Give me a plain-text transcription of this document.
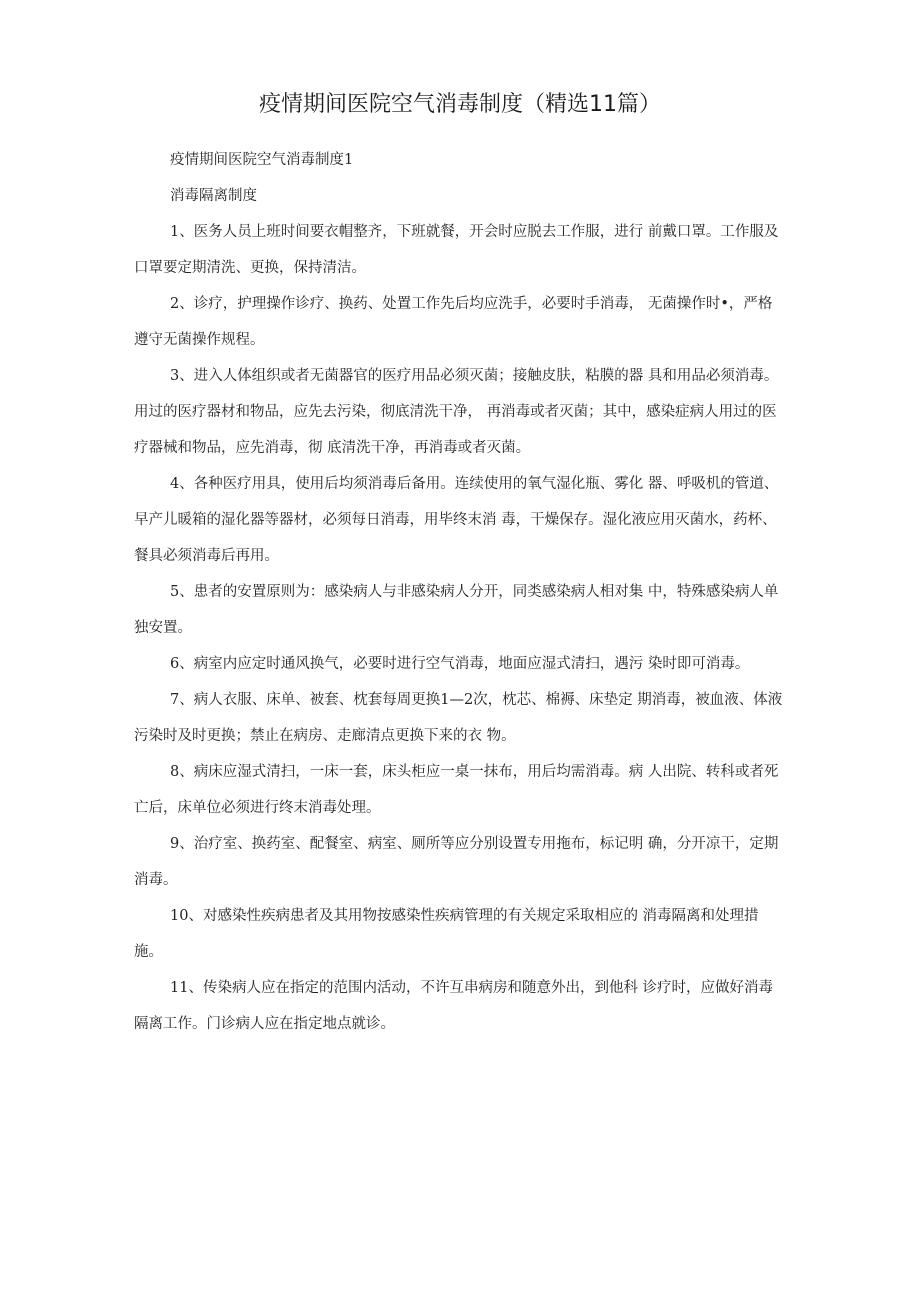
疫情期间医院空气消毒制度（精选11篇）

疫情期间医院空气消毒制度1

消毒隔离制度

1、医务人员上班时间要衣帽整齐，下班就餐，开会时应脱去工作服，进行 前戴口罩。工作服及口罩要定期清洗、更换，保持清洁。

2、诊疗，护理操作诊疗、换药、处置工作先后均应洗手，必要时手消毒， 无菌操作时•，严格遵守无菌操作规程。

3、进入人体组织或者无菌器官的医疗用品必须灭菌；接触皮肤，粘膜的器 具和用品必须消毒。用过的医疗器材和物品，应先去污染，彻底清洗干净， 再消毒或者灭菌；其中，感染症病人用过的医疗器械和物品，应先消毒，彻 底清洗干净，再消毒或者灭菌。

4、各种医疗用具，使用后均须消毒后备用。连续使用的氧气湿化瓶、雾化 器、呼吸机的管道、早产儿暖箱的湿化器等器材，必须每日消毒，用毕终末消 毒，干燥保存。湿化液应用灭菌水，药杯、餐具必须消毒后再用。

5、患者的安置原则为：感染病人与非感染病人分开，同类感染病人相对集 中，特殊感染病人单独安置。

6、病室内应定时通风换气，必要时进行空气消毒，地面应湿式清扫，遇污 染时即可消毒。

7、病人衣服、床单、被套、枕套每周更换1—2次，枕芯、棉褥、床垫定 期消毒，被血液、体液污染时及时更换；禁止在病房、走廊清点更换下来的衣 物。

8、病床应湿式清扫，一床一套，床头柜应一桌一抹布，用后均需消毒。病 人出院、转科或者死亡后，床单位必须进行终末消毒处理。

9、治疗室、换药室、配餐室、病室、厕所等应分别设置专用拖布，标记明 确，分开凉干，定期消毒。

10、对感染性疾病患者及其用物按感染性疾病管理的有关规定采取相应的 消毒隔离和处理措施。

11、传染病人应在指定的范围内活动，不许互串病房和随意外出，到他科 诊疗时，应做好消毒隔离工作。门诊病人应在指定地点就诊。
